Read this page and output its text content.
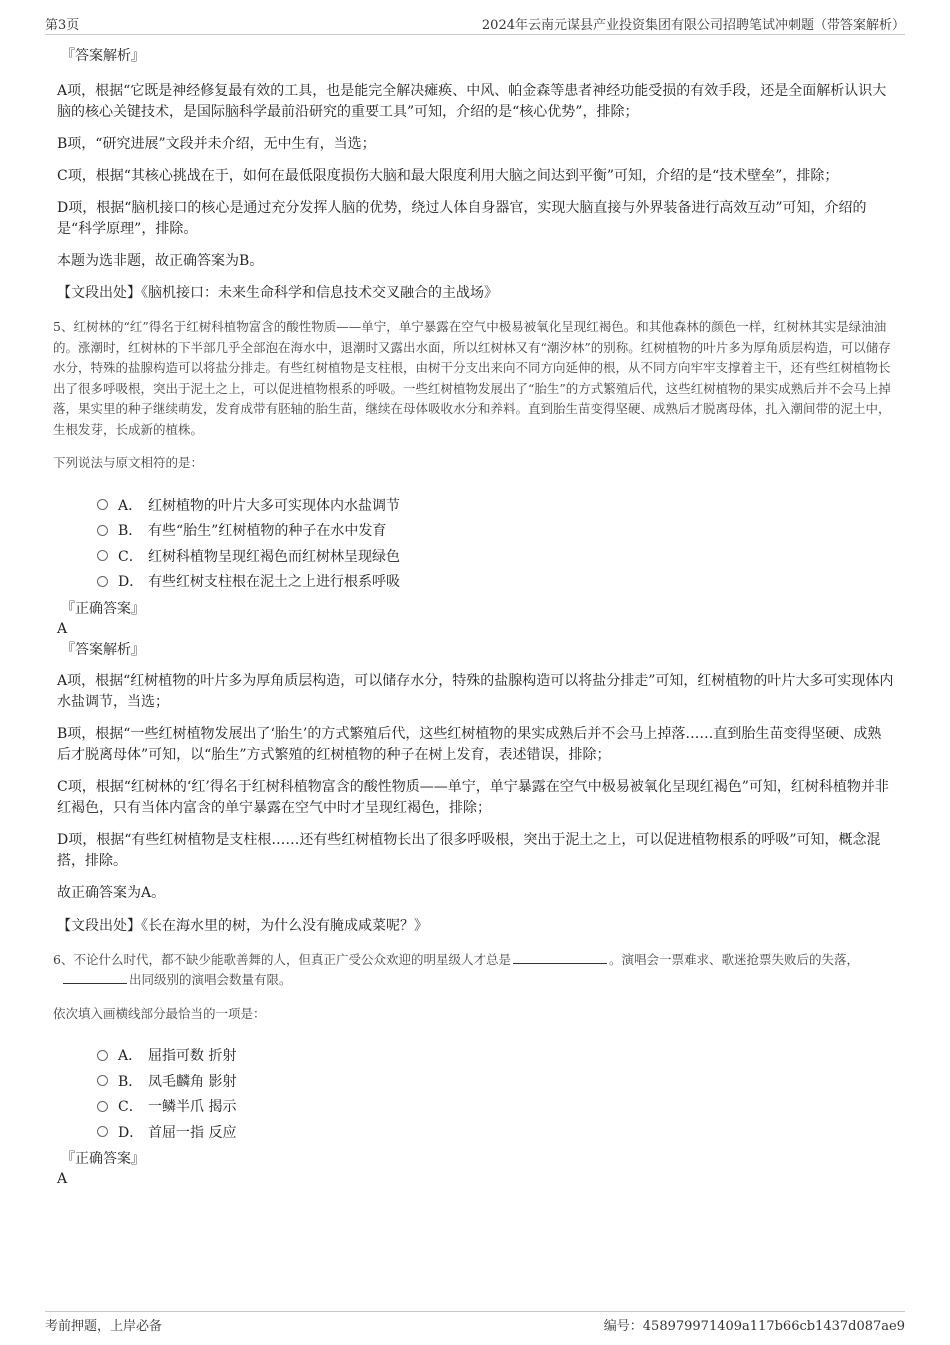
第3页	2024年云南元谋县产业投资集团有限公司招聘笔试冲刺题（带答案解析）

『答案解析』

A项，根据“它既是神经修复最有效的工具，也是能完全解决瘫痪、中风、帕金森等患者神经功能受损的有效手段，还是全面解析认识大脑的核心关键技术，是国际脑科学最前沿研究的重要工具”可知，介绍的是“核心优势”，排除；

B项，“研究进展”文段并未介绍，无中生有，当选；

C项，根据“其核心挑战在于，如何在最低限度损伤大脑和最大限度利用大脑之间达到平衡”可知，介绍的是“技术壁垒”，排除；

D项，根据“脑机接口的核心是通过充分发挥人脑的优势，绕过人体自身器官，实现大脑直接与外界装备进行高效互动”可知，介绍的是“科学原理”，排除。

本题为选非题，故正确答案为B。

【文段出处】《脑机接口：未来生命科学和信息技术交叉融合的主战场》

5、红树林的“红”得名于红树科植物富含的酸性物质——单宁，单宁暴露在空气中极易被氧化呈现红褐色。和其他森林的颜色一样，红树林其实是绿油油的。涨潮时，红树林的下半部几乎全部泡在海水中，退潮时又露出水面，所以红树林又有“潮汐林”的别称。红树植物的叶片多为厚角质层构造，可以储存水分，特殊的盐腺构造可以将盐分排走。有些红树植物是支柱根，由树干分支出来向不同方向延伸的根，从不同方向牢牢支撑着主干，还有些红树植物长出了很多呼吸根，突出于泥土之上，可以促进植物根系的呼吸。一些红树植物发展出了“胎生”的方式繁殖后代，这些红树植物的果实成熟后并不会马上掉落，果实里的种子继续萌发，发育成带有胚轴的胎生苗，继续在母体吸收水分和养料。直到胎生苗变得坚硬、成熟后才脱离母体，扎入潮间带的泥土中，生根发芽，长成新的植株。

下列说法与原文相符的是：

A． 红树植物的叶片大多可实现体内水盐调节
B． 有些“胎生”红树植物的种子在水中发育
C． 红树科植物呈现红褐色而红树林呈现绿色
D． 有些红树支柱根在泥土之上进行根系呼吸

『正确答案』

A

『答案解析』

A项，根据“红树植物的叶片多为厚角质层构造，可以储存水分，特殊的盐腺构造可以将盐分排走”可知，红树植物的叶片大多可实现体内水盐调节，当选；

B项，根据“一些红树植物发展出了‘胎生’的方式繁殖后代，这些红树植物的果实成熟后并不会马上掉落……直到胎生苗变得坚硬、成熟后才脱离母体”可知，以“胎生”方式繁殖的红树植物的种子在树上发育，表述错误，排除；

C项，根据“红树林的‘红’得名于红树科植物富含的酸性物质——单宁，单宁暴露在空气中极易被氧化呈现红褐色”可知，红树科植物并非红褐色，只有当体内富含的单宁暴露在空气中时才呈现红褐色，排除；

D项，根据“有些红树植物是支柱根……还有些红树植物长出了很多呼吸根，突出于泥土之上，可以促进植物根系的呼吸”可知，概念混搭，排除。

故正确答案为A。

【文段出处】《长在海水里的树，为什么没有腌成咸菜呢？》

6、不论什么时代，都不缺少能歌善舞的人，但真正广受公众欢迎的明星级人才总是	。演唱会一票难求、歌迷抢票失败后的失落，出同级别的演唱会数量有限。

依次填入画横线部分最恰当的一项是：

A． 屈指可数 折射
B． 凤毛麟角 影射
C． 一鳞半爪 揭示
D． 首屈一指 反应

『正确答案』

A

考前押题，上岸必备	编号：458979971409a117b66cb1437d087ae9
